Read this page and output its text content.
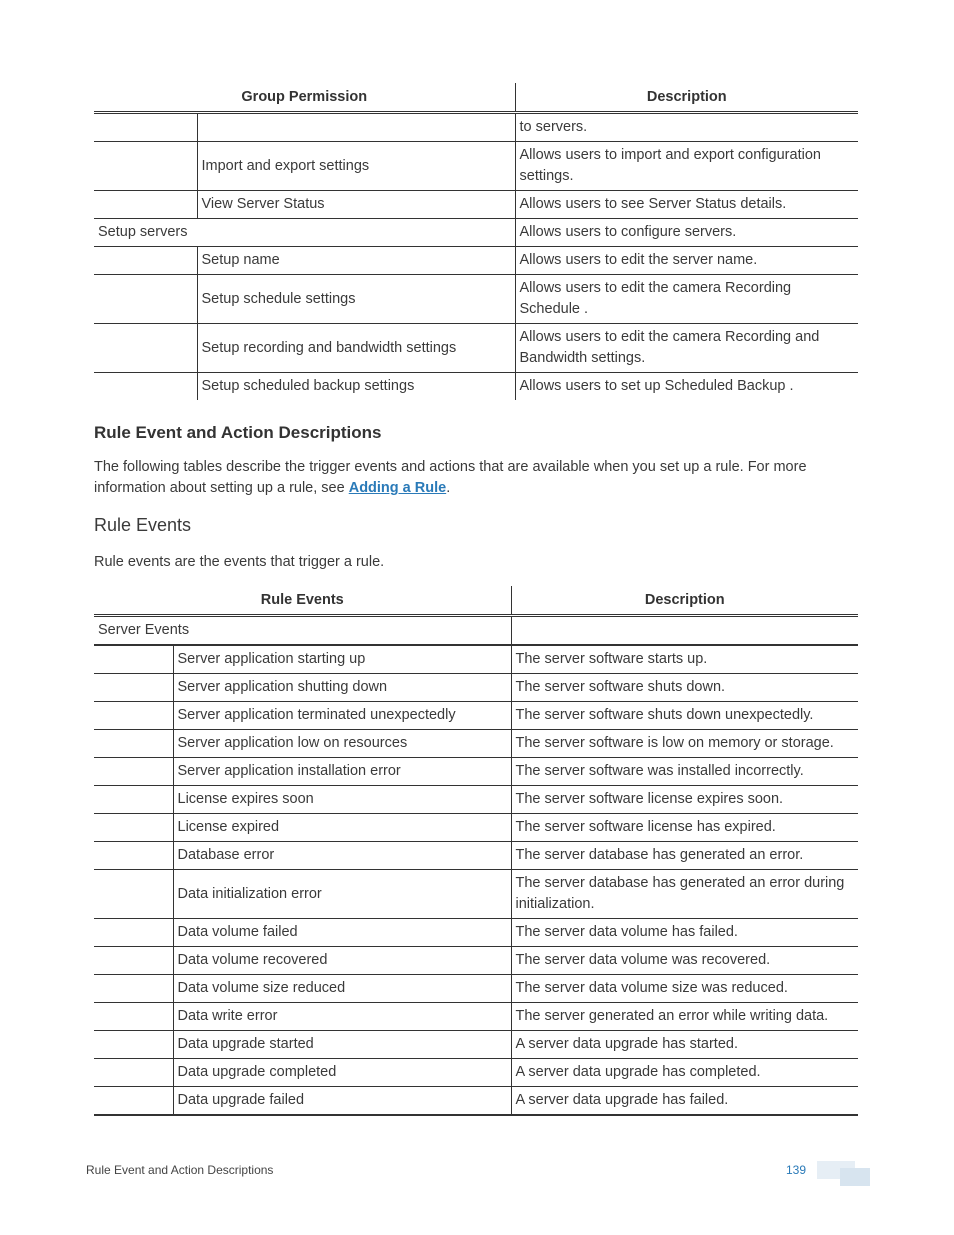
Group Permission		Description
		to servers.
	Import and export settings	Allows users to import and export configuration settings.
	View Server Status	Allows users to see Server Status details.
Setup servers		Allows users to configure servers.
	Setup name	Allows users to edit the server name.
	Setup schedule settings	Allows users to edit the camera Recording Schedule .
	Setup recording and bandwidth settings	Allows users to edit the camera Recording and Bandwidth settings.
	Setup scheduled backup settings	Allows users to set up Scheduled Backup .
Rule Event and Action Descriptions

The following tables describe the trigger events and actions that are available when you set up a rule. For more information about setting up a rule, see Adding a Rule.

Rule Events

Rule events are the events that trigger a rule.

Rule Events		Description
Server Events		
	Server application starting up	The server software starts up.
	Server application shutting down	The server software shuts down.
	Server application terminated unexpectedly	The server software shuts down unexpectedly.
	Server application low on resources	The server software is low on memory or storage.
	Server application installation error	The server software was installed incorrectly.
	License expires soon	The server software license expires soon.
	License expired	The server software license has expired.
	Database error	The server database has generated an error.
	Data initialization error	The server database has generated an error during initialization.
	Data volume failed	The server data volume has failed.
	Data volume recovered	The server data volume was recovered.
	Data volume size reduced	The server data volume size was reduced.
	Data write error	The server generated an error while writing data.
	Data upgrade started	A server data upgrade has started.
	Data upgrade completed	A server data upgrade has completed.
	Data upgrade failed	A server data upgrade has failed.
Rule Event and Action Descriptions	139
